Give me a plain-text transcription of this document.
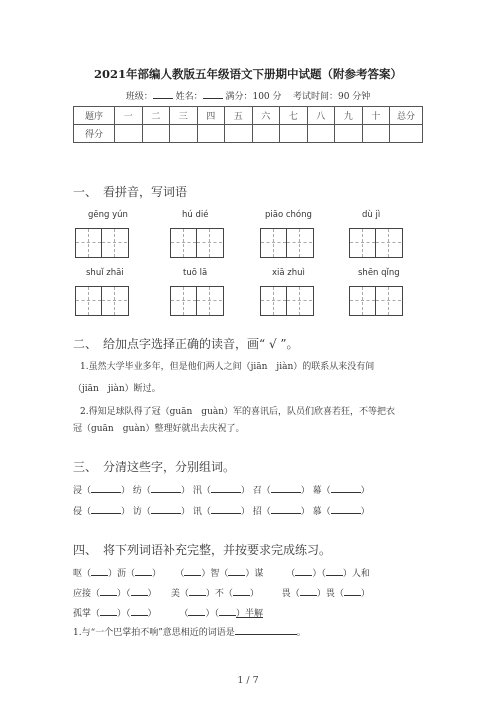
2021年部编人教版五年级语文下册期中试题（附参考答案）
班级：	姓名：	满分：100 分 考试时间：90 分钟
题序	一	二	三	四	五	六	七	八	九	十	总分
得分											
一、　看拼音，写词语
gēng yún	hú dié	piāo chóng	dù jì
shuǐ zhāi	tuō lā	xiā zhuì	shēn qǐng
二、　给加点字选择正确的读音，画“ √ ”。
1.虽然大学毕业多年，但是他们两人之间（jiān　jiàn）的联系从来没有间
（jiān　jiàn）断过。
2.得知足球队得了冠（guān　guàn）军的喜讯后，队员们欣喜若狂，不等把衣
冠（guān　guàn）整理好就出去庆祝了。
三、　分清这些字，分别组词。
浸（	） 纺（	） 汛（	） 召（	） 幕（	）
侵（	） 访（	） 讯（	） 招（	） 慕（	）
四、　将下列词语补充完整，并按要求完成练习。
呕（ ）沥（ ） （ ）智（ ）谋	（ ）（ ）人和
应接（ ）（ ） 美（ ）不（ ）	畏（ ）畏（ ）
孤掌（ ）（ ）	（ ）（ ）半解
1.与“一个巴掌拍不响”意思相近的词语是	。
1 / 7
